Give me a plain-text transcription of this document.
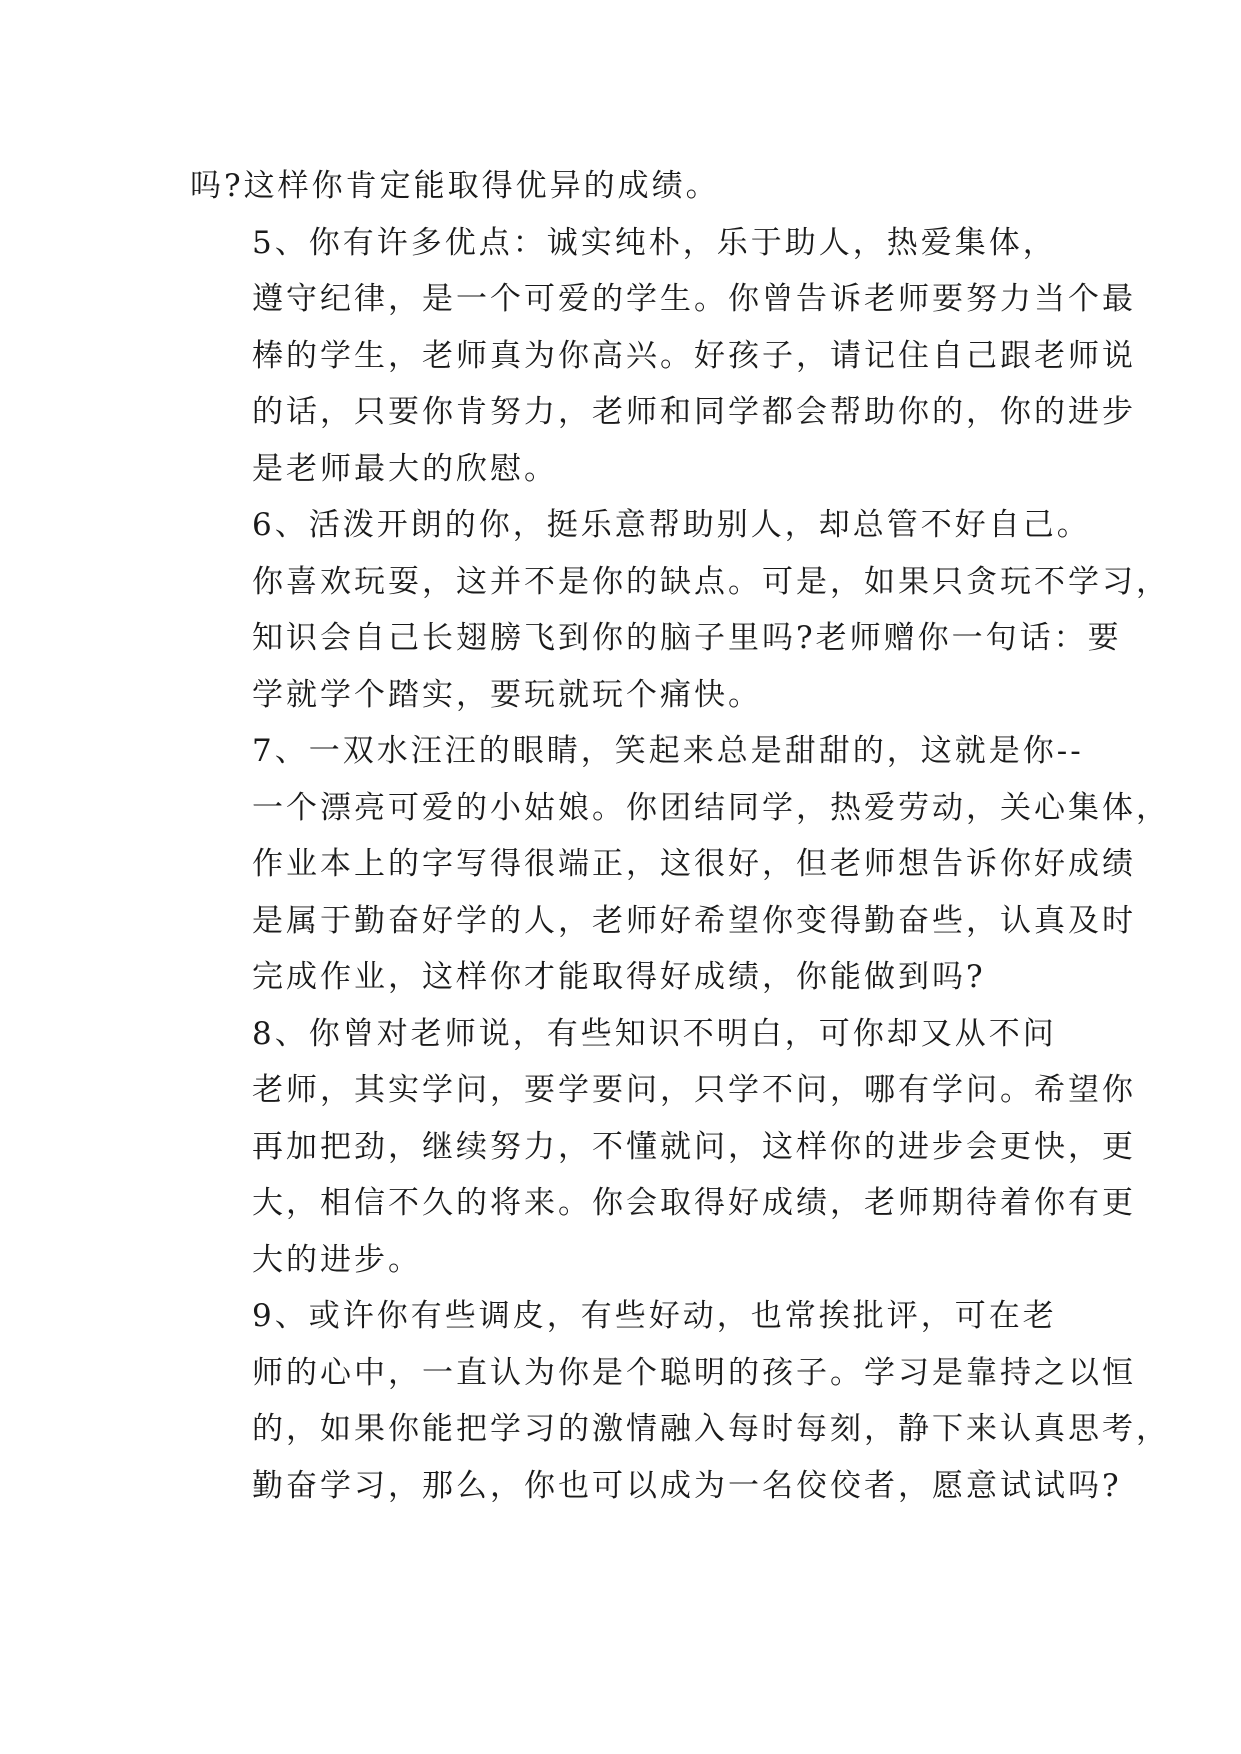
吗?这样你肯定能取得优异的成绩。

5、你有许多优点：诚实纯朴，乐于助人，热爱集体，
遵守纪律，是一个可爱的学生。你曾告诉老师要努力当个最
棒的学生，老师真为你高兴。好孩子，请记住自己跟老师说
的话，只要你肯努力，老师和同学都会帮助你的，你的进步
是老师最大的欣慰。

6、活泼开朗的你，挺乐意帮助别人，却总管不好自己。
你喜欢玩耍，这并不是你的缺点。可是，如果只贪玩不学习，
知识会自己长翅膀飞到你的脑子里吗?老师赠你一句话：要
学就学个踏实，要玩就玩个痛快。

7、一双水汪汪的眼睛，笑起来总是甜甜的，这就是你--
一个漂亮可爱的小姑娘。你团结同学，热爱劳动，关心集体，
作业本上的字写得很端正，这很好，但老师想告诉你好成绩
是属于勤奋好学的人，老师好希望你变得勤奋些，认真及时
完成作业，这样你才能取得好成绩，你能做到吗?

8、你曾对老师说，有些知识不明白，可你却又从不问
老师，其实学问，要学要问，只学不问，哪有学问。希望你
再加把劲，继续努力，不懂就问，这样你的进步会更快，更
大，相信不久的将来。你会取得好成绩，老师期待着你有更
大的进步。

9、或许你有些调皮，有些好动，也常挨批评，可在老
师的心中，一直认为你是个聪明的孩子。学习是靠持之以恒
的，如果你能把学习的激情融入每时每刻，静下来认真思考，
勤奋学习，那么，你也可以成为一名佼佼者，愿意试试吗?
